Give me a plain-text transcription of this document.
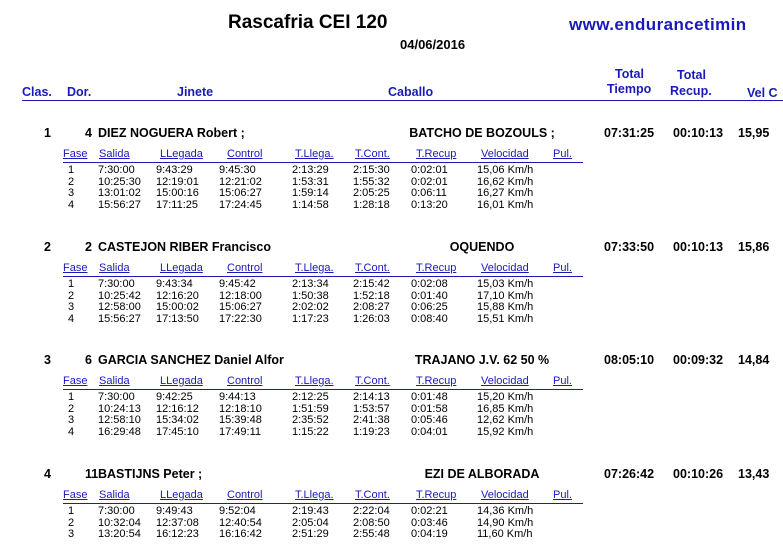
Rascafria CEI 120
04/06/2016
www.endurancetimin
Clas. Dor.	Jinete	Caballo
Total
Tiempo
Total
Recup.	Vel C
1	4 DIEZ NOGUERA Robert ;	BATCHO DE BOZOULS ;	07:31:25 00:10:13 15,95
Fase Salida	LLegada Control	T.Llega. T.Cont. T.Recup Velocidad Pul.
1 7:30:00 9:43:29 9:45:30	2:13:29 2:15:30 0:02:01	15,06 Km/h
2 10:25:30 12:19:01 12:21:02	1:53:31 1:55:32 0:02:01	16,62 Km/h
3 13:01:02 15:00:16 15:06:27	1:59:14 2:05:25 0:06:11	16,27 Km/h
4 15:56:27 17:11:25 17:24:45	1:14:58 1:28:18 0:13:20	16,01 Km/h
2	2 CASTEJON RIBER Francisco	OQUENDO	07:33:50 00:10:13 15,86
Fase Salida	LLegada Control	T.Llega. T.Cont. T.Recup Velocidad Pul.
1 7:30:00 9:43:34 9:45:42	2:13:34 2:15:42 0:02:08	15,03 Km/h
2 10:25:42 12:16:20 12:18:00	1:50:38 1:52:18 0:01:40	17,10 Km/h
3 12:58:00 15:00:02 15:06:27	2:02:02 2:08:27 0:06:25	15,88 Km/h
4 15:56:27 17:13:50 17:22:30	1:17:23 1:26:03 0:08:40	15,51 Km/h
3	6 GARCIA SANCHEZ Daniel Alfor	TRAJANO J.V. 62 50 %	08:05:10 00:09:32 14,84
Fase Salida	LLegada Control	T.Llega. T.Cont. T.Recup Velocidad Pul.
1 7:30:00 9:42:25 9:44:13	2:12:25 2:14:13 0:01:48	15,20 Km/h
2 10:24:13 12:16:12 12:18:10	1:51:59 1:53:57 0:01:58	16,85 Km/h
3 12:58:10 15:34:02 15:39:48	2:35:52 2:41:38 0:05:46	12,62 Km/h
4 16:29:48 17:45:10 17:49:11	1:15:22 1:19:23 0:04:01	15,92 Km/h
4	11 BASTIJNS Peter ;	EZI DE ALBORADA	07:26:42 00:10:26 13,43
Fase Salida	LLegada Control	T.Llega. T.Cont. T.Recup Velocidad Pul.
1 7:30:00 9:49:43 9:52:04	2:19:43 2:22:04 0:02:21	14,36 Km/h
2 10:32:04 12:37:08 12:40:54	2:05:04 2:08:50 0:03:46	14,90 Km/h
3 13:20:54 16:12:23 16:16:42	2:51:29 2:55:48 0:04:19	11,60 Km/h
